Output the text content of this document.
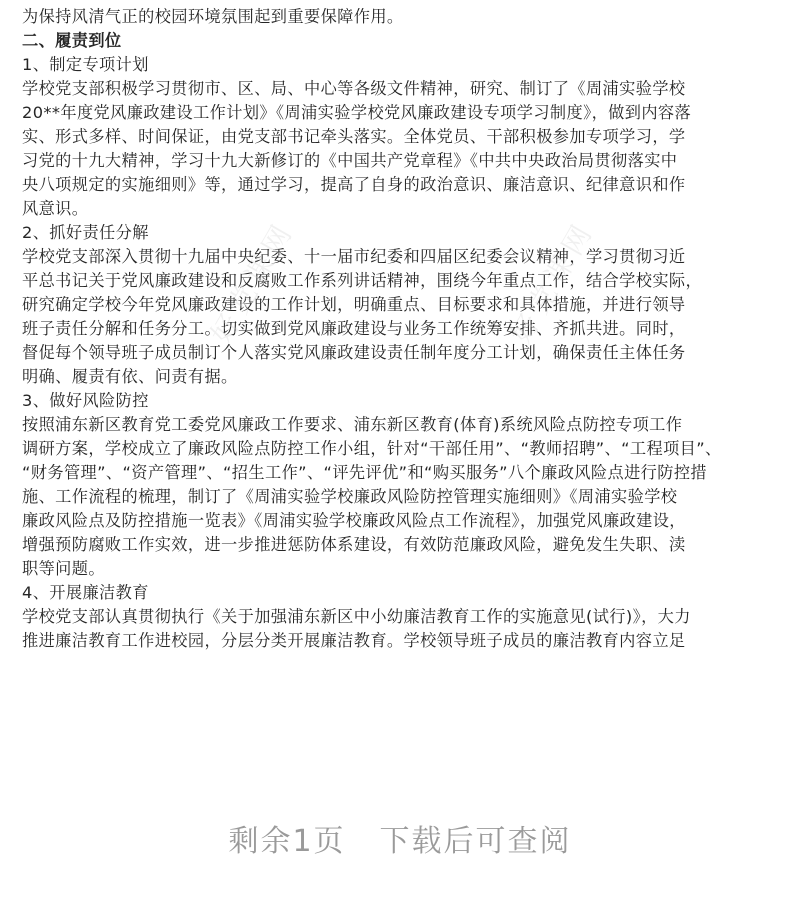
为保持风清气正的校园环境氛围起到重要保障作用。

二、履责到位

1、制定专项计划

学校党支部积极学习贯彻市、区、局、中心等各级文件精神，研究、制订了《周浦实验学校

20**年度党风廉政建设工作计划》《周浦实验学校党风廉政建设专项学习制度》，做到内容落

实、形式多样、时间保证，由党支部书记牵头落实。全体党员、干部积极参加专项学习，学

习党的十九大精神，学习十九大新修订的《中国共产党章程》《中共中央政治局贯彻落实中

央八项规定的实施细则》等，通过学习，提高了自身的政治意识、廉洁意识、纪律意识和作

风意识。

2、抓好责任分解

学校党支部深入贯彻十九届中央纪委、十一届市纪委和四届区纪委会议精神，学习贯彻习近

平总书记关于党风廉政建设和反腐败工作系列讲话精神，围绕今年重点工作，结合学校实际，

研究确定学校今年党风廉政建设的工作计划，明确重点、目标要求和具体措施，并进行领导

班子责任分解和任务分工。切实做到党风廉政建设与业务工作统筹安排、齐抓共进。同时，

督促每个领导班子成员制订个人落实党风廉政建设责任制年度分工计划，确保责任主体任务

明确、履责有依、问责有据。

3、做好风险防控

按照浦东新区教育党工委党风廉政工作要求、浦东新区教育(体育)系统风险点防控专项工作

调研方案，学校成立了廉政风险点防控工作小组，针对“干部任用”、“教师招聘”、“工程项目”、

“财务管理”、“资产管理”、“招生工作”、“评先评优”和“购买服务”八个廉政风险点进行防控措

施、工作流程的梳理，制订了《周浦实验学校廉政风险防控管理实施细则》《周浦实验学校

廉政风险点及防控措施一览表》《周浦实验学校廉政风险点工作流程》，加强党风廉政建设，

增强预防腐败工作实效，进一步推进惩防体系建设，有效防范廉政风险，避免发生失职、渎

职等问题。

4、开展廉洁教育

学校党支部认真贯彻执行《关于加强浦东新区中小幼廉洁教育工作的实施意见(试行)》，大力

推进廉洁教育工作进校园，分层分类开展廉洁教育。学校领导班子成员的廉洁教育内容立足

好党课网	好党课网
剩余1页 下载后可查阅
